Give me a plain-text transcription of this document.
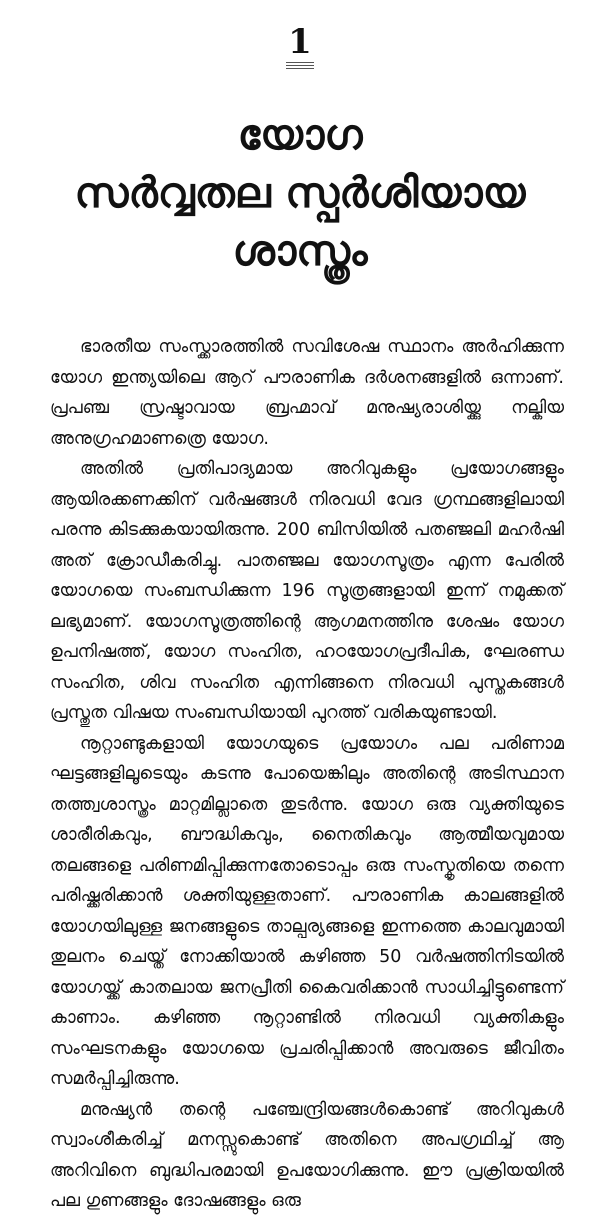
1
യോഗ
സർവ്വതല സ്പർശിയായ
ശാസ്ത്രം

ഭാരതീയ സംസ്ക്കാരത്തിൽ സവിശേഷ സ്ഥാനം അർഹിക്കുന്ന യോഗ ഇന്ത്യയിലെ ആറ് പൗരാണിക ദർശനങ്ങളിൽ ഒന്നാണ്. പ്രപഞ്ച സ്രഷ്ടാവായ ബ്രഹ്മാവ് മനുഷ്യരാശിയ്ക്കു നല്കിയ അനുഗ്രഹമാണത്രെ യോഗ.

അതിൽ പ്രതിപാദ്യമായ അറിവുകളും പ്രയോഗങ്ങളും ആയിരക്കണക്കിന് വർഷങ്ങൾ നിരവധി വേദ ഗ്രന്ഥങ്ങളിലായി പരന്നു കിടക്കുകയായിരുന്നു. 200 ബിസിയിൽ പതഞ്ജലി മഹർഷി അത് ക്രോഡീകരിച്ചു. പാതഞ്ജല യോഗസൂത്രം എന്ന പേരിൽ യോഗയെ സംബന്ധിക്കുന്ന 196 സൂത്രങ്ങളായി ഇന്ന് നമുക്കത് ലഭ്യമാണ്. യോഗസൂത്രത്തിന്റെ ആഗമനത്തിനു ശേഷം യോഗ ഉപനിഷത്ത്, യോഗ സംഹിത, ഹഠയോഗപ്രദീപിക, ഘേരണ്ഡ സംഹിത, ശിവ സംഹിത എന്നിങ്ങനെ നിരവധി പുസ്തകങ്ങൾ പ്രസ്തുത വിഷയ സംബന്ധിയായി പുറത്ത് വരികയുണ്ടായി.

നൂറ്റാണ്ടുകളായി യോഗയുടെ പ്രയോഗം പല പരിണാമ ഘട്ടങ്ങളിലൂടെയും കടന്നു പോയെങ്കിലും അതിന്റെ അടിസ്ഥാന തത്ത്വശാസ്ത്രം മാറ്റമില്ലാതെ തുടർന്നു. യോഗ ഒരു വ്യക്തിയുടെ ശാരീരികവും, ബൗദ്ധികവും, നൈതികവും ആത്മീയവുമായ തലങ്ങളെ പരിണമിപ്പിക്കുന്നതോടൊപ്പം ഒരു സംസ്കൃതിയെ തന്നെ പരിഷ്ക്കരിക്കാൻ ശക്തിയുള്ളതാണ്. പൗരാണിക കാലങ്ങളിൽ യോഗയിലുള്ള ജനങ്ങളുടെ താല്പര്യങ്ങളെ ഇന്നത്തെ കാലവുമായി തുലനം ചെയ്ത് നോക്കിയാൽ കഴിഞ്ഞ 50 വർഷത്തിനിടയിൽ യോഗയ്ക്ക് കാതലായ ജനപ്രീതി കൈവരിക്കാൻ സാധിച്ചിട്ടുണ്ടെന്ന് കാണാം. കഴിഞ്ഞ നൂറ്റാണ്ടിൽ നിരവധി വ്യക്തികളും സംഘടനകളും യോഗയെ പ്രചരിപ്പിക്കാൻ അവരുടെ ജീവിതം സമർപ്പിച്ചിരുന്നു.

മനുഷ്യൻ തന്റെ പഞ്ചേന്ദ്രിയങ്ങൾകൊണ്ട് അറിവുകൾ സ്വാംശീകരിച്ച് മനസ്സുകൊണ്ട് അതിനെ അപഗ്രഥിച്ച് ആ അറിവിനെ ബുദ്ധിപരമായി ഉപയോഗിക്കുന്നു. ഈ പ്രക്രിയയിൽ പല ഗുണങ്ങളും ദോഷങ്ങളും ഒരു
